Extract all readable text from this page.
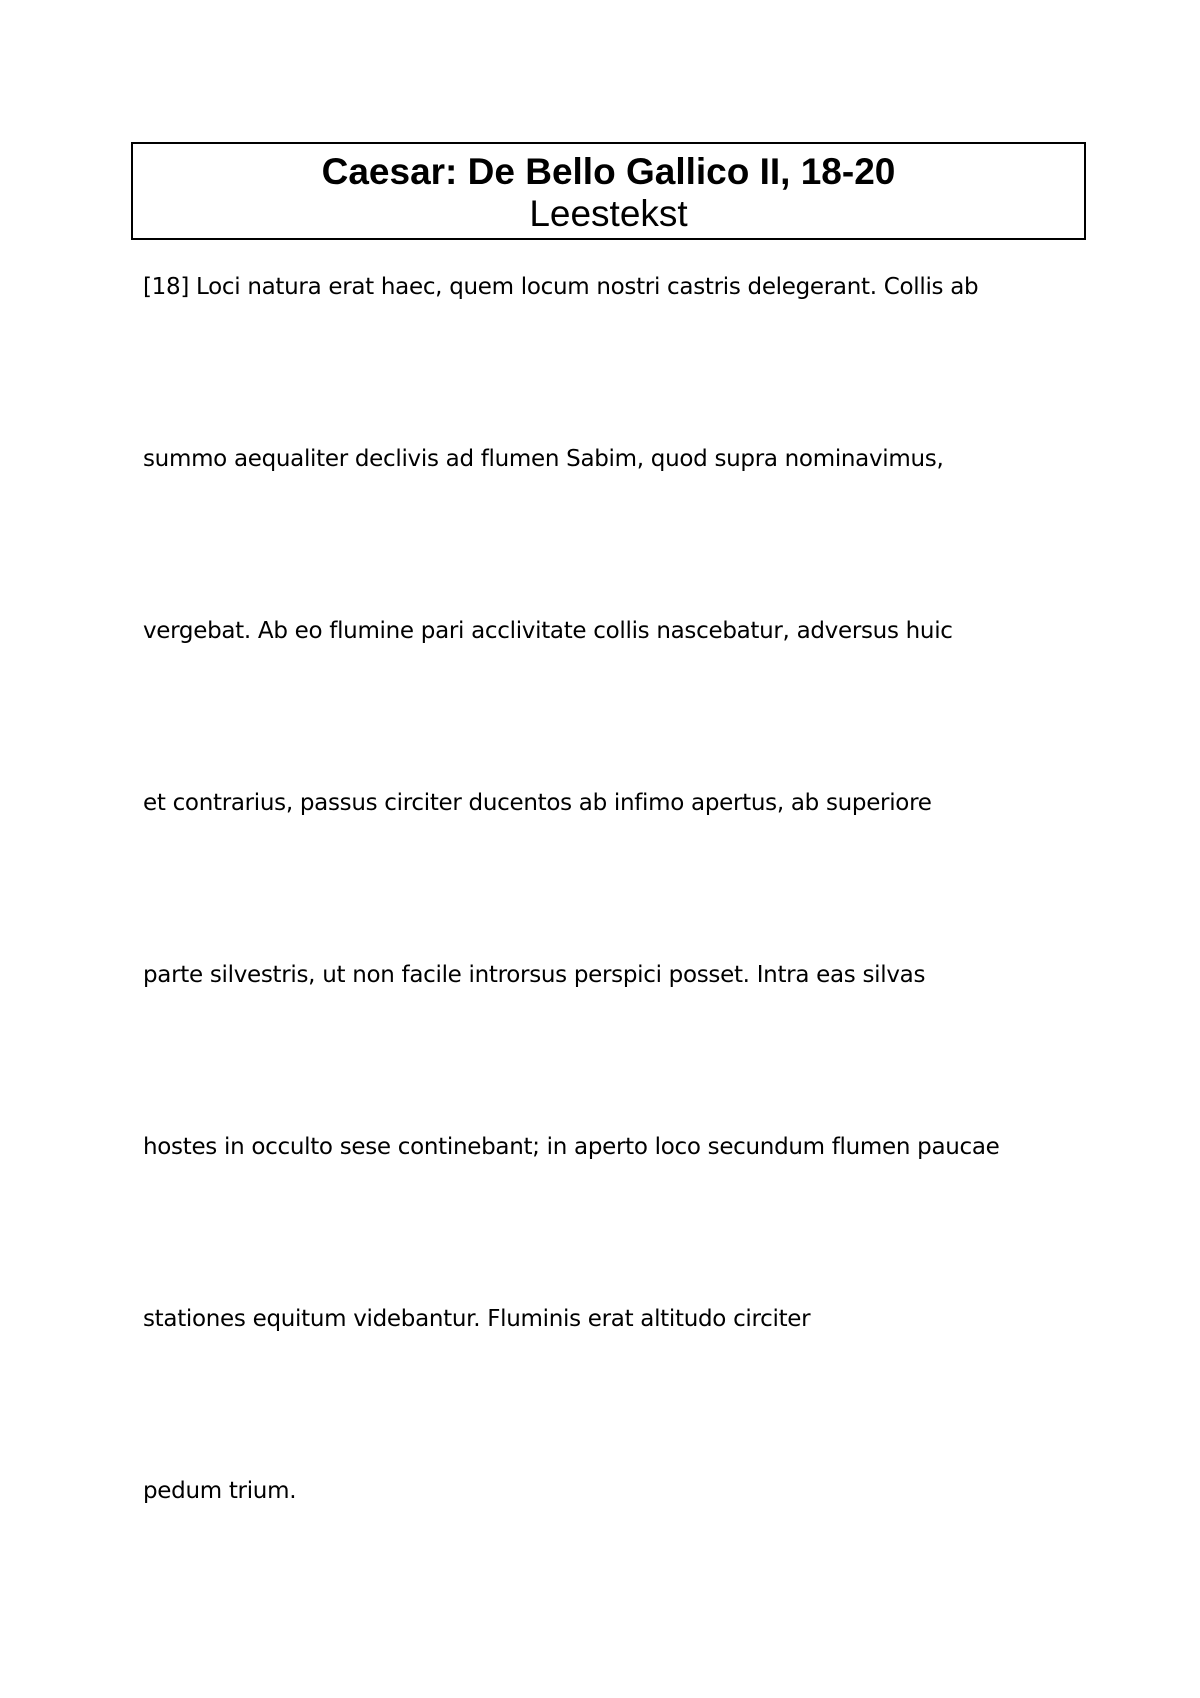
Caesar: De Bello Gallico II, 18-20
Leestekst
[18] Loci natura erat haec, quem locum nostri castris delegerant. Collis ab
summo aequaliter declivis ad flumen Sabim, quod supra nominavimus,
vergebat. Ab eo flumine pari acclivitate collis nascebatur, adversus huic
et contrarius, passus circiter ducentos ab infimo apertus, ab superiore
parte silvestris, ut non facile introrsus perspici posset. Intra eas silvas
hostes in occulto sese continebant; in aperto loco secundum flumen paucae
stationes equitum videbantur. Fluminis erat altitudo circiter
pedum trium.
